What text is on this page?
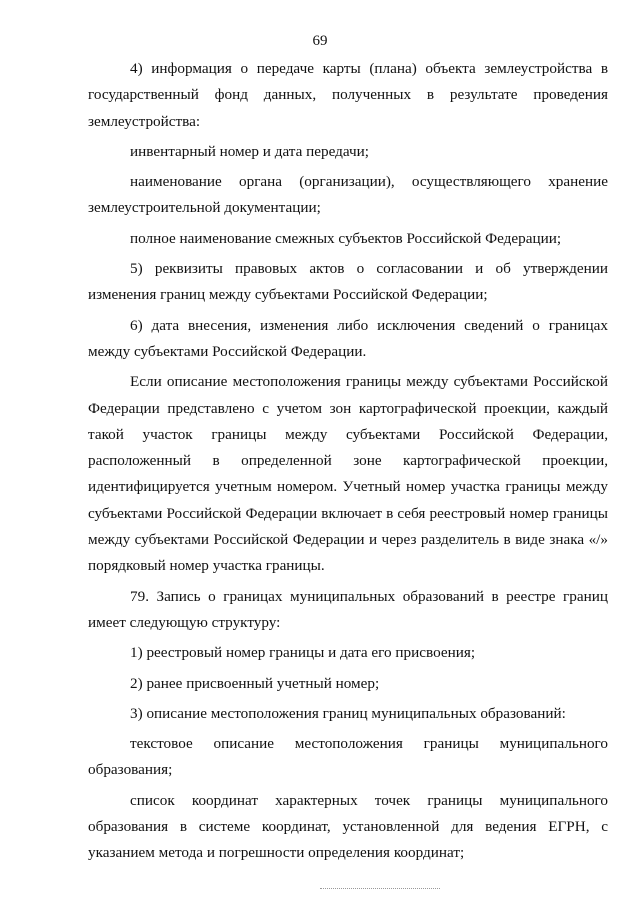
69

4) информация о передаче карты (плана) объекта землеустройства в государственный фонд данных, полученных в результате проведения землеустройства:

инвентарный номер и дата передачи;

наименование органа (организации), осуществляющего хранение землеустроительной документации;

полное наименование смежных субъектов Российской Федерации;

5) реквизиты правовых актов о согласовании и об утверждении изменения границ между субъектами Российской Федерации;

6) дата внесения, изменения либо исключения сведений о границах между субъектами Российской Федерации.

Если описание местоположения границы между субъектами Российской Федерации представлено с учетом зон картографической проекции, каждый такой участок границы между субъектами Российской Федерации, расположенный в определенной зоне картографической проекции, идентифицируется учетным номером. Учетный номер участка границы между субъектами Российской Федерации включает в себя реестровый номер границы между субъектами Российской Федерации и через разделитель в виде знака «/» порядковый номер участка границы.

79. Запись о границах муниципальных образований в реестре границ имеет следующую структуру:

1) реестровый номер границы и дата его присвоения;

2) ранее присвоенный учетный номер;

3) описание местоположения границ муниципальных образований:

текстовое описание местоположения границы муниципального образования;

список координат характерных точек границы муниципального образования в системе координат, установленной для ведения ЕГРН, с указанием метода и погрешности определения координат;
